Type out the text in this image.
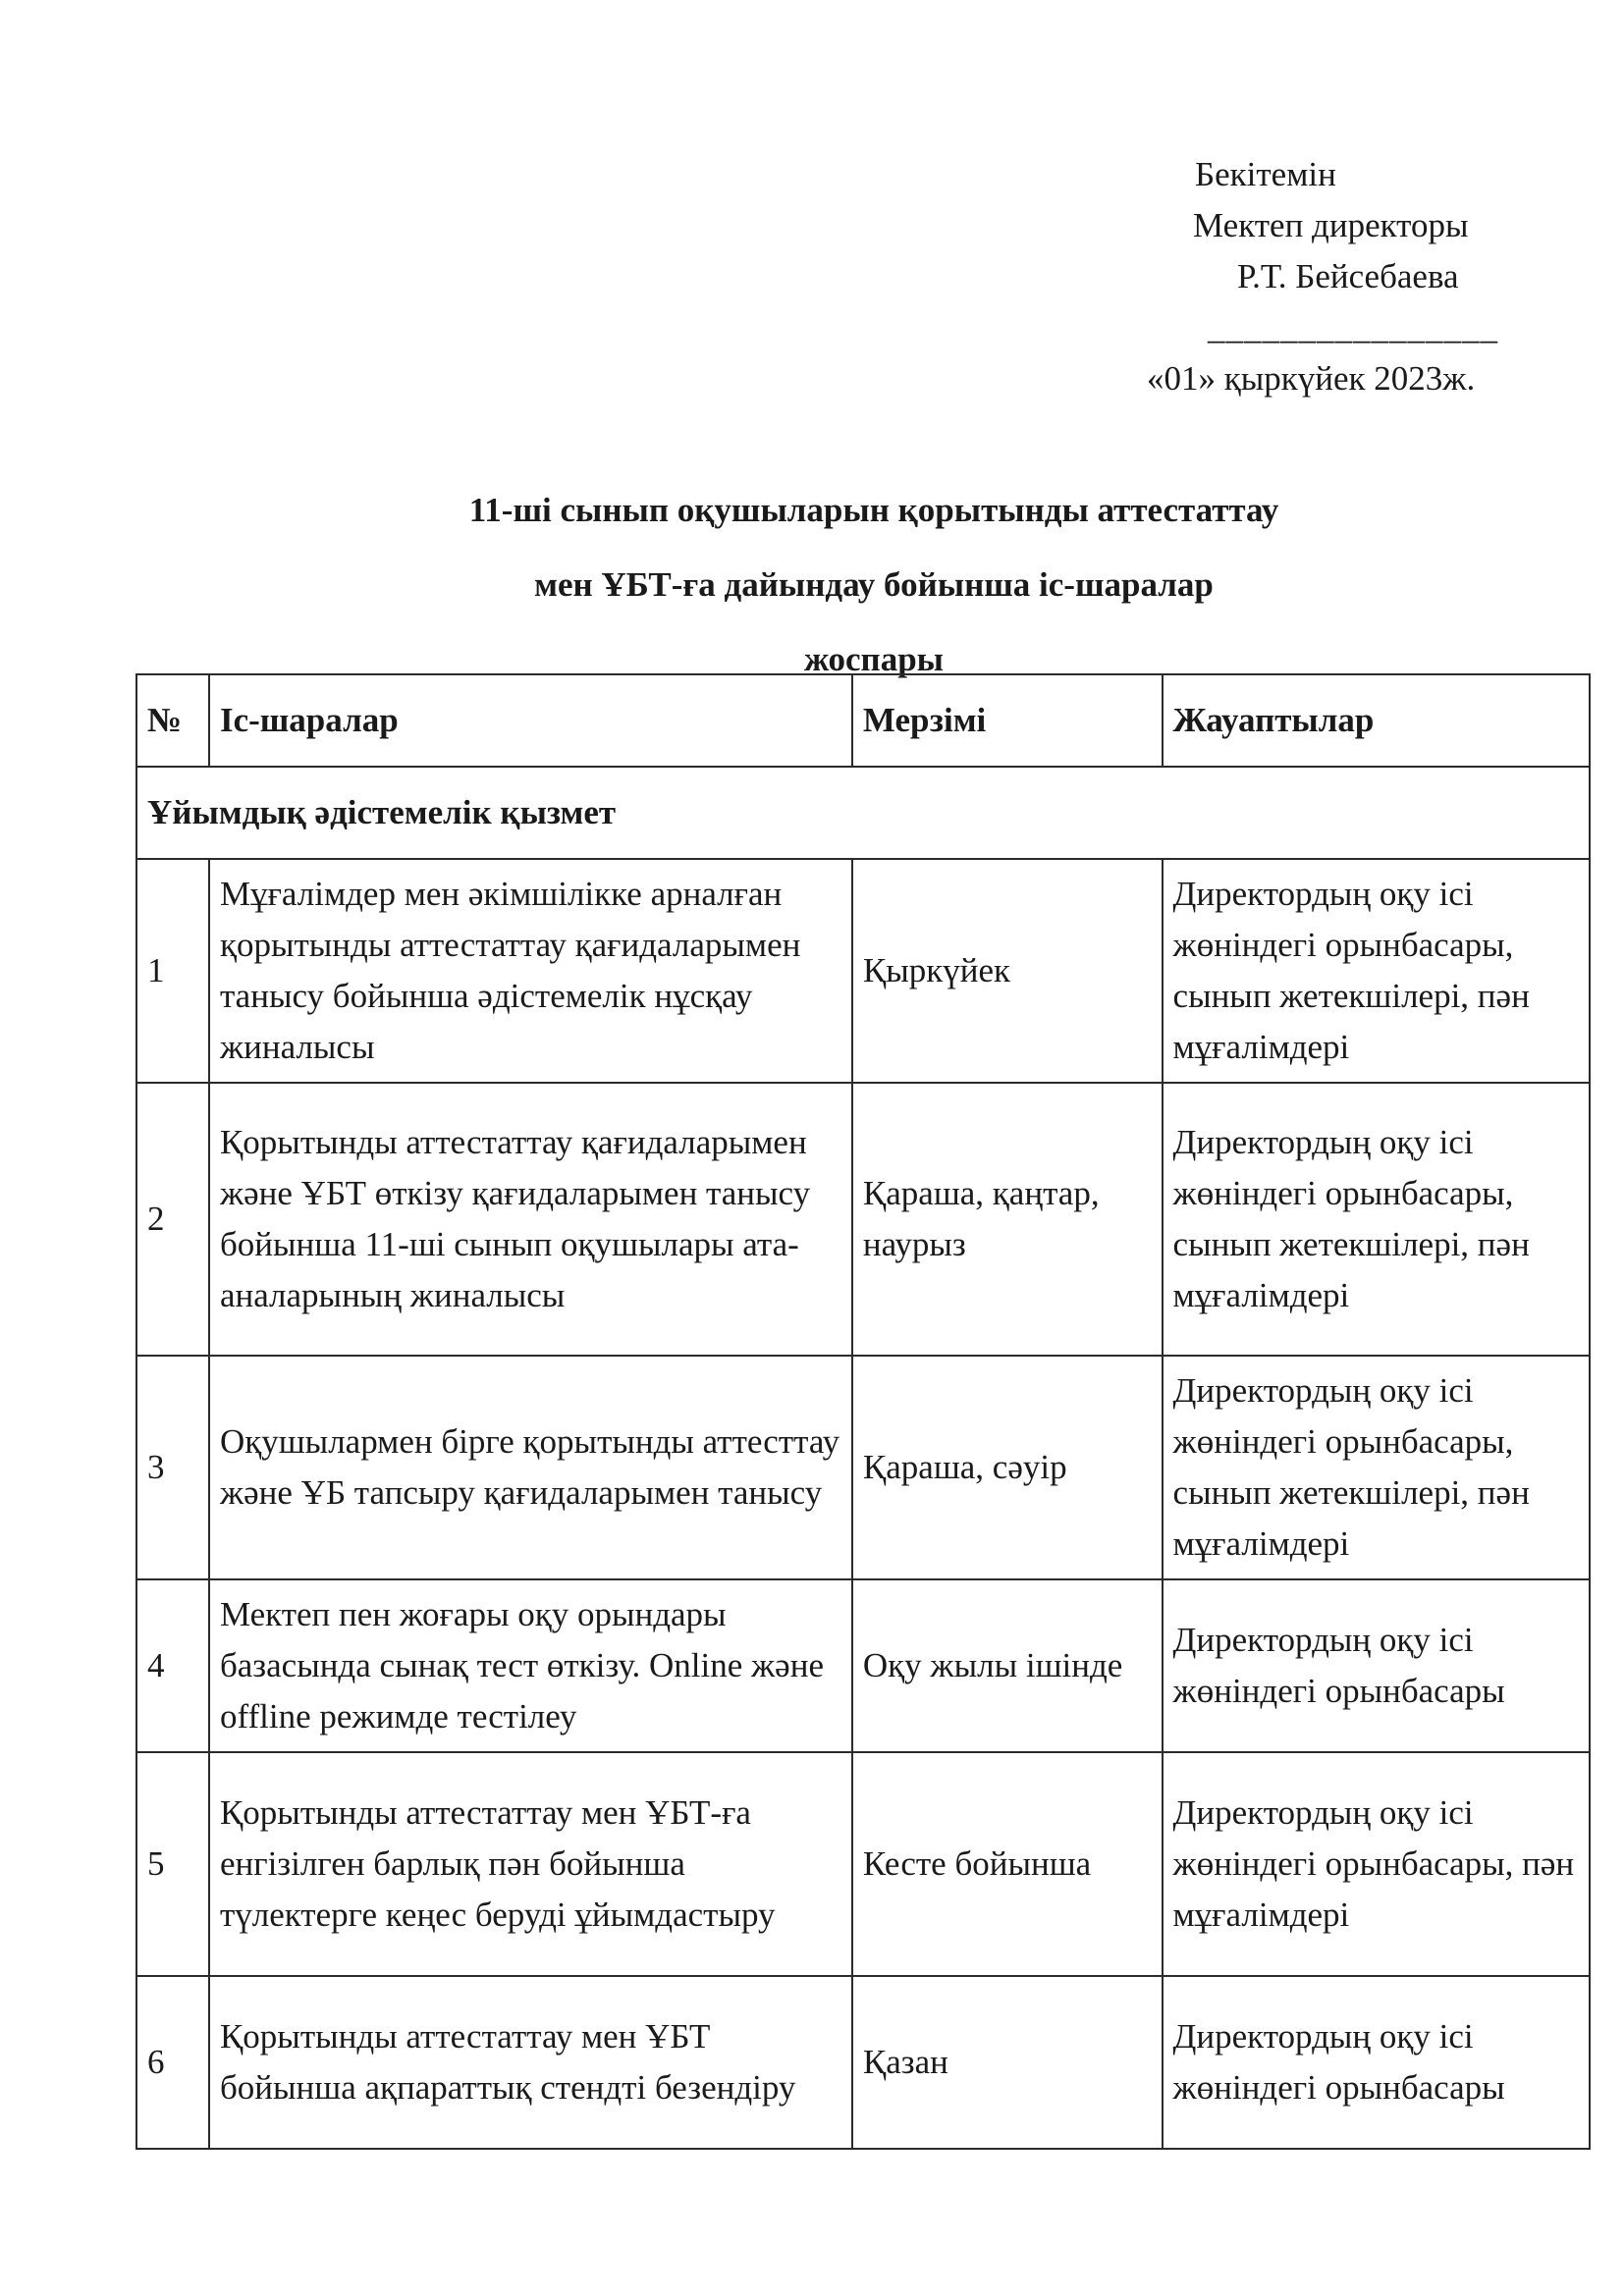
Бекітемін
Мектеп директоры
Р.Т. Бейсебаева
________________
«01» қыркүйек 2023ж.
11-ші сынып оқушыларын қорытынды аттестаттау
мен ҰБТ-ға дайындау бойынша іс-шаралар
жоспары
№	Іс-шаралар	Мерзімі	Жауаптылар
Ұйымдық әдістемелік қызмет			
1	Мұғалімдер мен әкімшілікке арналған қорытынды аттестаттау қағидаларымен танысу бойынша әдістемелік нұсқау жиналысы	Қыркүйек	Директордың оқу ісі жөніндегі орынбасары, сынып жетекшілері, пән мұғалімдері
2	Қорытынды аттестаттау қағидаларымен және ҰБТ өткізу қағидаларымен танысу бойынша 11-ші сынып оқушылары ата-аналарының жиналысы	Қараша, қаңтар, наурыз	Директордың оқу ісі жөніндегі орынбасары, сынып жетекшілері, пән мұғалімдері
3	Оқушылармен бірге қорытынды аттесттау және ҰБ тапсыру қағидаларымен танысу	Қараша, сәуір	Директордың оқу ісі жөніндегі орынбасары, сынып жетекшілері, пән мұғалімдері
4	Мектеп пен жоғары оқу орындары базасында сынақ тест өткізу. Online және offline режимде тестілеу	Оқу жылы ішінде	Директордың оқу ісі жөніндегі орынбасары
5	Қорытынды аттестаттау мен ҰБТ-ға енгізілген барлық пән бойынша түлектерге кеңес беруді ұйымдастыру	Кесте бойынша	Директордың оқу ісі жөніндегі орынбасары, пән мұғалімдері
6	Қорытынды аттестаттау мен ҰБТ бойынша ақпараттық стендті безендіру	Қазан	Директордың оқу ісі жөніндегі орынбасары
